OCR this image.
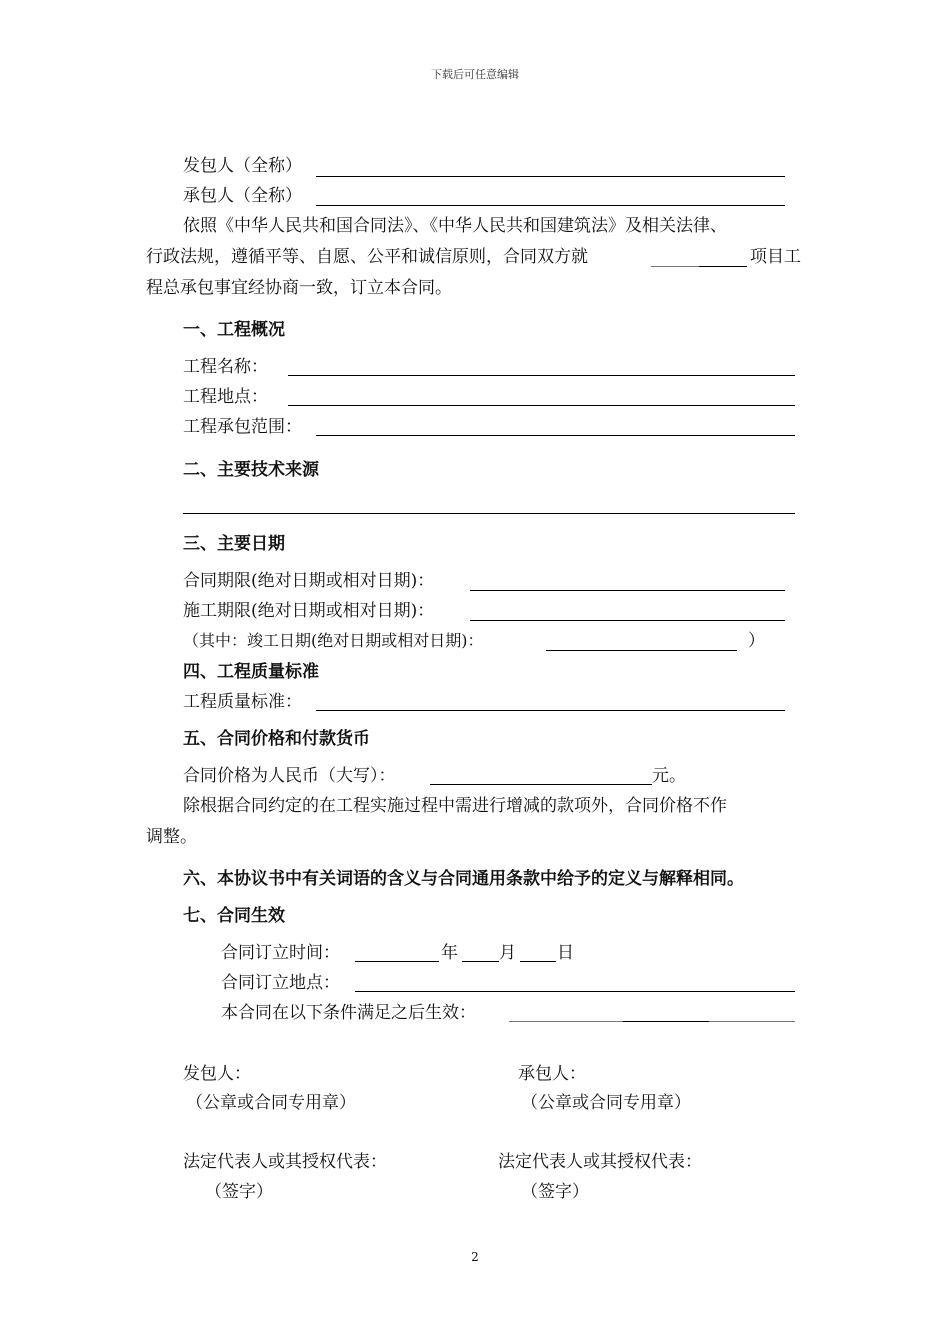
下载后可任意编辑
发包人（全称）
承包人（全称）
依照《中华人民共和国合同法》、《中华人民共和国建筑法》及相关法律、
行政法规，遵循平等、自愿、公平和诚信原则，合同双方就	项目工
程总承包事宜经协商一致，订立本合同。
一、工程概况
工程名称：
工程地点：
工程承包范围：
二、主要技术来源
三、主要日期
合同期限(绝对日期或相对日期)：
施工期限(绝对日期或相对日期)：
（其中：竣工日期(绝对日期或相对日期)：	）
四、工程质量标准
工程质量标准：
五、合同价格和付款货币
合同价格为人民币（大写）：	元。
除根据合同约定的在工程实施过程中需进行增减的款项外，合同价格不作
调整。
六、本协议书中有关词语的含义与合同通用条款中给予的定义与解释相同。
七、合同生效
合同订立时间：	年 月 日
合同订立地点：
本合同在以下条件满足之后生效：
发包人：	承包人：
（公章或合同专用章）	（公章或合同专用章）
法定代表人或其授权代表：	法定代表人或其授权代表：
（签字）	（签字）
2
